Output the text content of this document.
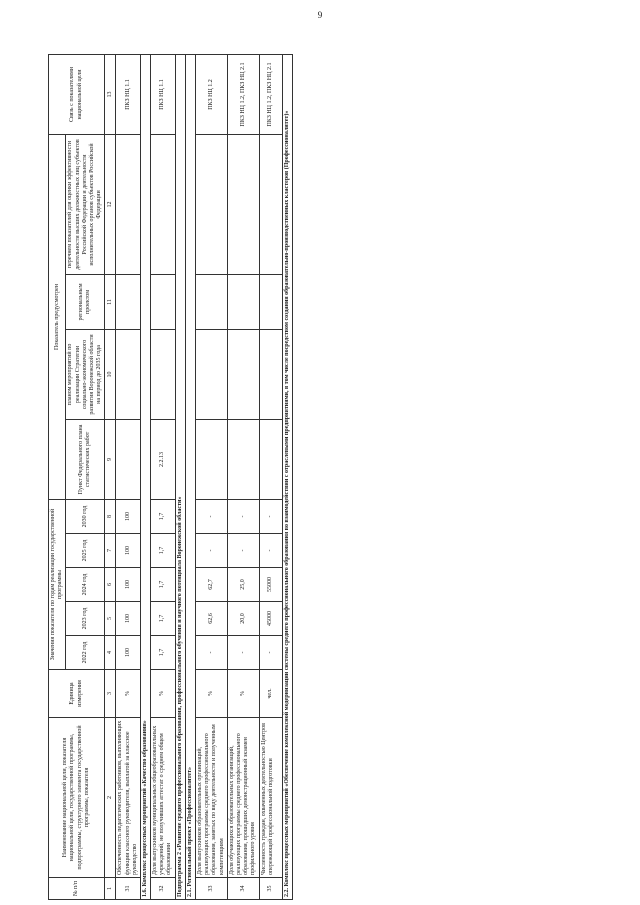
9
№ п/п	Наименование национальной цели, показателя национальной цели, государственной программы, подпрограммы, структурного элемента государственной программы, показателя	Единица измерения	Значения показателя по годам реализации государственной программы					Показатель предусмотрен				Связь с показателями национальной цели
			2022 год	2023 год	2024 год	2025 год	2030 год	Пункт Федерального плана статистических работ	планом мероприятий по реализации Стратегии социально-экономического развития Воронежской области на период до 2035 года	региональным проектом	перечнем показателей для оценки эффективности деятельности высших должностных лиц субъектов Российской Федерации и деятельности исполнительных органов субъектов Российской Федерации	
1	2	3	4	5	6	7	8	9	10	11	12	13
31	Обеспеченность педагогических работников, выполняющих функции классного руководителя, выплатой за классное руководство	%	100	100	100	100	100					ПКЗ НЦ 1.1
1.6. Комплекс процессных мероприятий «Качество образования»												
32	Доля выпускников муниципальных общеобразовательных учреждений, не получивших аттестат о среднем общем образовании	%	1,7	1,7	1,7	1,7	1,7	2.2.13				ПКЗ НЦ 1.1
Подпрограмма 2 «Развитие среднего профессионального образования, профессионального обучения и научного потенциала Воронежской области»												
2.1. Региональный проект «Профессионалитет»												
33	Доля выпускников образовательных организаций, реализующих программы среднего профессионального образования, занятых по виду деятельности и полученным компетенциям	%	-	62,6	62,7	-	-					ПКЗ НЦ 1.2
34	Доля обучающихся образовательных организаций, реализующих программы среднего профессионального образования, прошедших демонстрационный экзамен профильного уровня	%	-	20,0	25,0	-	-					ПКЗ НЦ 1.2, ПКЗ НЦ 2.1
35	Численность граждан, охваченных деятельностью Центров опережающей профессиональной подготовки	чел.	-	45000	55000	-	-					ПКЗ НЦ 1.2, ПКЗ НЦ 2.1
2.2. Комплекс процессных мероприятий «Обеспечение комплексной модернизации системы среднего профессионального образования во взаимодействии с отраслевыми предприятиями, в том числе посредством создания образовательно-производственных кластеров (Профессионалитет)»												
